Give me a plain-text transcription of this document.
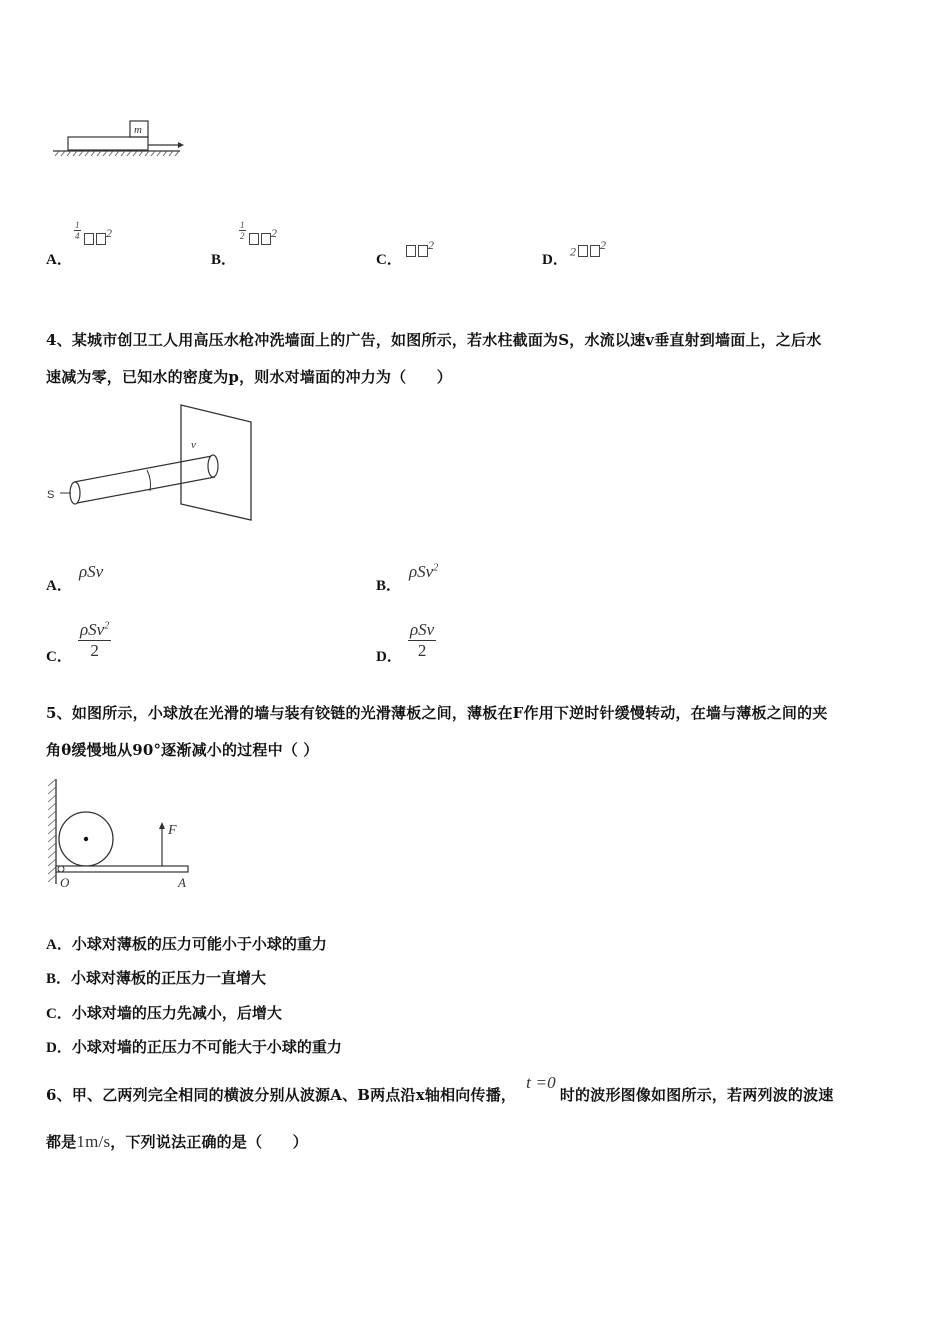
m
$\frac{1}{4}$	$^2$
A．
$\frac{1}{2}$	$^2$
B．
$^2$
C．
2 $^2$
D．
4、某城市创卫工人用高压水枪冲洗墙面上的广告，如图所示，若水柱截面为S，水流以速v垂直射到墙面上，之后水
速减为零，已知水的密度为p，则水对墙面的冲力为（　　）
S
v
A．
ρSv
B．
ρSv$^2$
C．
ρSv$^2$
2	D．
ρSv
2
5、如图所示，小球放在光滑的墙与装有铰链的光滑薄板之间，薄板在F作用下逆时针缓慢转动，在墙与薄板之间的夹
角θ缓慢地从90°逐渐减小的过程中（ ）
F
O	A
A．小球对薄板的压力可能小于小球的重力
B．小球对薄板的正压力一直增大
C．小球对墙的压力先减小，后增大
D．小球对墙的正压力不可能大于小球的重力
6、甲、乙两列完全相同的横波分别从波源A、B两点沿x轴相向传播，t =0时的波形图像如图所示，若两列波的波速
都是1m/s，下列说法正确的是（　　）
